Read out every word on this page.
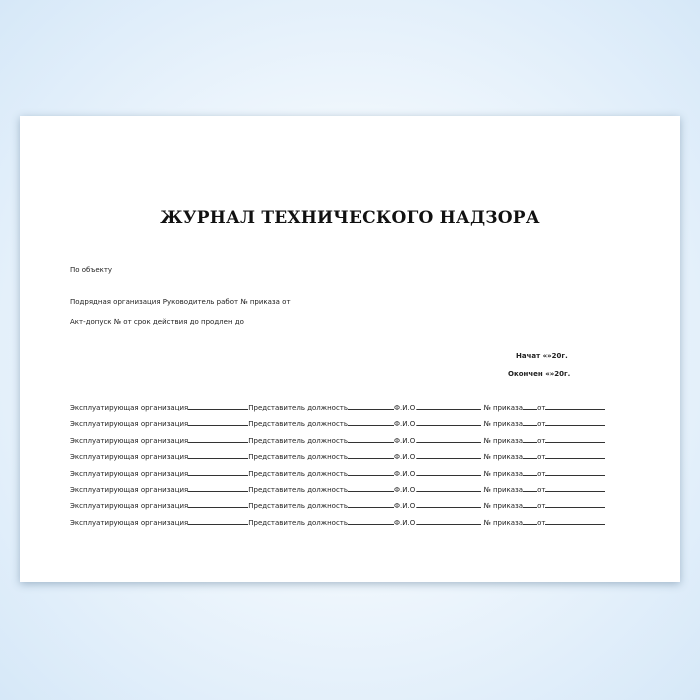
ЖУРНАЛ ТЕХНИЧЕСКОГО НАДЗОРА
По объекту
Подрядная организация Руководитель работ № приказа от
Акт-допуск № от срок действия до продлен до
Начат «»20г.
Окончен «»20г.
Эксплуатирующая организация	Представитель должность	Ф.И.О.	№ приказа от
Эксплуатирующая организация	Представитель должность	Ф.И.О.	№ приказа от
Эксплуатирующая организация	Представитель должность	Ф.И.О.	№ приказа от
Эксплуатирующая организация	Представитель должность	Ф.И.О.	№ приказа от
Эксплуатирующая организация	Представитель должность	Ф.И.О.	№ приказа от
Эксплуатирующая организация	Представитель должность	Ф.И.О.	№ приказа от
Эксплуатирующая организация	Представитель должность	Ф.И.О.	№ приказа от
Эксплуатирующая организация	Представитель должность	Ф.И.О.	№ приказа от
